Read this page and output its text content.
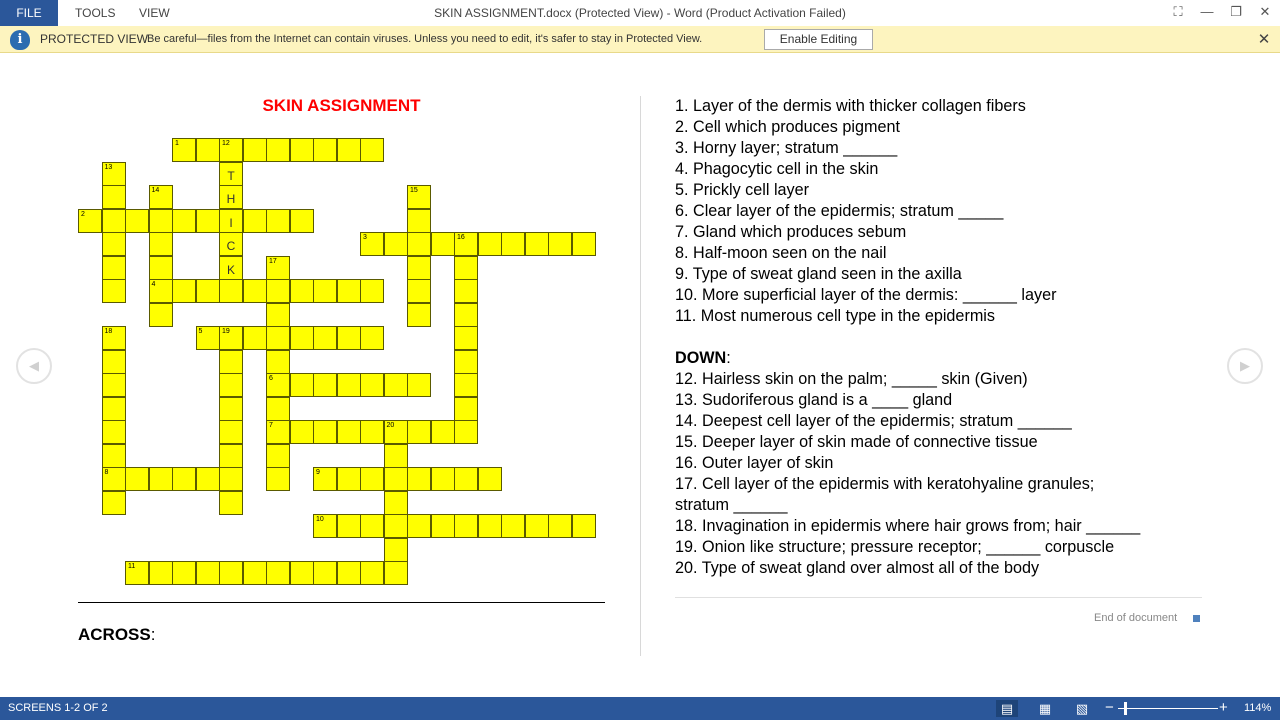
FILE	TOOLS VIEW	SKIN ASSIGNMENT.docx (Protected View) - Word (Product Activation Failed)	⛶	—	❐	✕
i	PROTECTED VIEW
Be careful—files from the Internet can contain viruses. Unless you need to edit, it's safer to stay in Protected View.	Enable Editing	✕
◀	▶
SKIN ASSIGNMENT
1	12
2
I
3	16
4
5	19
6
7	20
8	9
10
11
T
H
C
K
13
14	15
17
18
ACROSS:
1. Layer of the dermis with thicker collagen fibers
2. Cell which produces pigment
3. Horny layer; stratum ______
4. Phagocytic cell in the skin
5. Prickly cell layer
6. Clear layer of the epidermis; stratum _____
7. Gland which produces sebum
8. Half-moon seen on the nail
9. Type of sweat gland seen in the axilla
10. More superficial layer of the dermis: ______ layer
11. Most numerous cell type in the epidermis
DOWN:
12. Hairless skin on the palm; _____ skin (Given)
13. Sudoriferous gland is a ____ gland
14. Deepest cell layer of the epidermis; stratum ______
15. Deeper layer of skin made of connective tissue
16. Outer layer of skin
17. Cell layer of the epidermis with keratohyaline granules;
stratum ______
18. Invagination in epidermis where hair grows from; hair ______
19. Onion like structure; pressure receptor; ______ corpuscle
20. Type of sweat gland over almost all of the body
End of document
SCREENS 1-2 OF 2	▤	▦	▧	−	+ 114%
